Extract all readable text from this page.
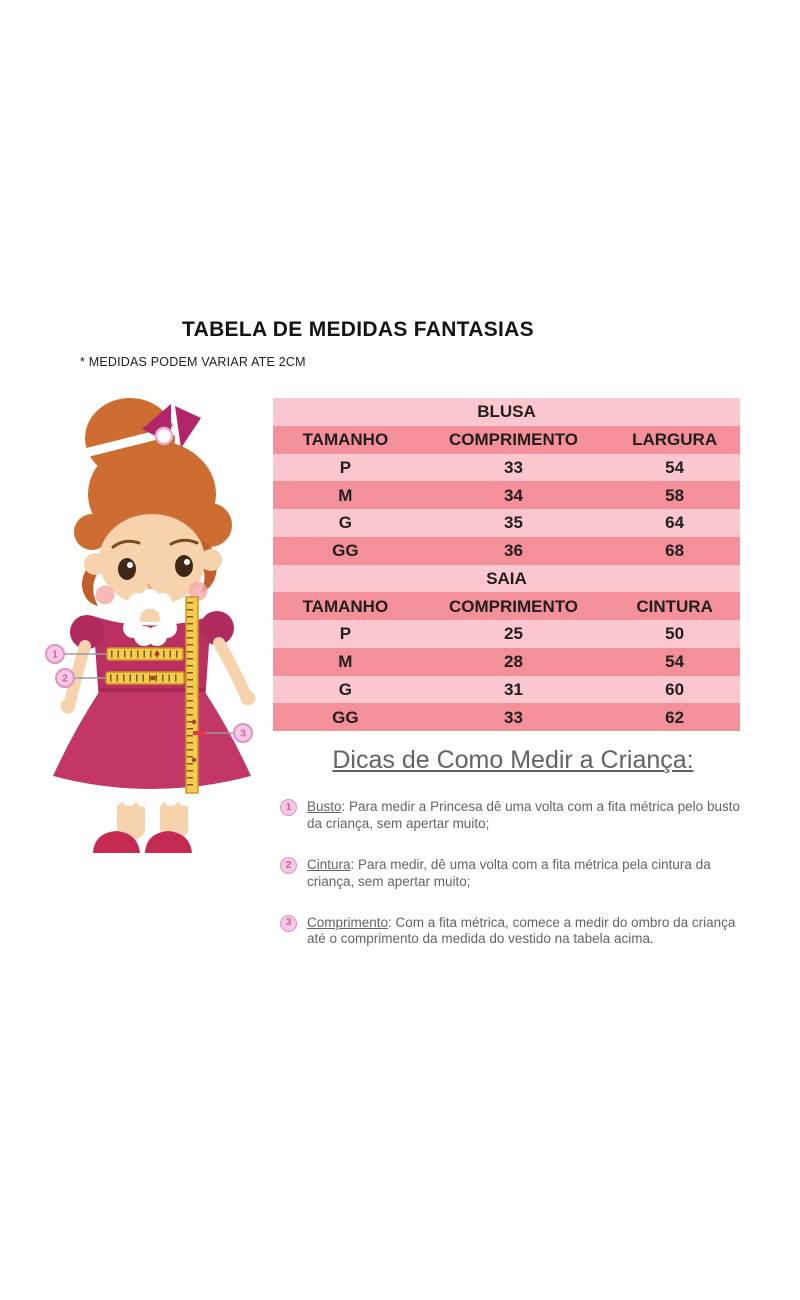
TABELA DE MEDIDAS FANTASIAS
* MEDIDAS PODEM VARIAR ATE 2CM
1
2
3
BLUSA
TAMANHO	COMPRIMENTO	LARGURA
P	33	54
M	34	58
G	35	64
GG	36	68
SAIA
TAMANHO	COMPRIMENTO	CINTURA
P	25	50
M	28	54
G	31	60
GG	33	62
Dicas de Como Medir a Criança:
1	Busto: Para medir a Princesa dê uma volta com a fita métrica pelo busto da criança, sem apertar muito;
2	Cintura: Para medir, dê uma volta com a fita métrica pela cintura da criança, sem apertar muito;
3	Comprimento: Com a fita métrica, comece a medir do ombro da criança até o comprimento da medida do vestido na tabela acima.
